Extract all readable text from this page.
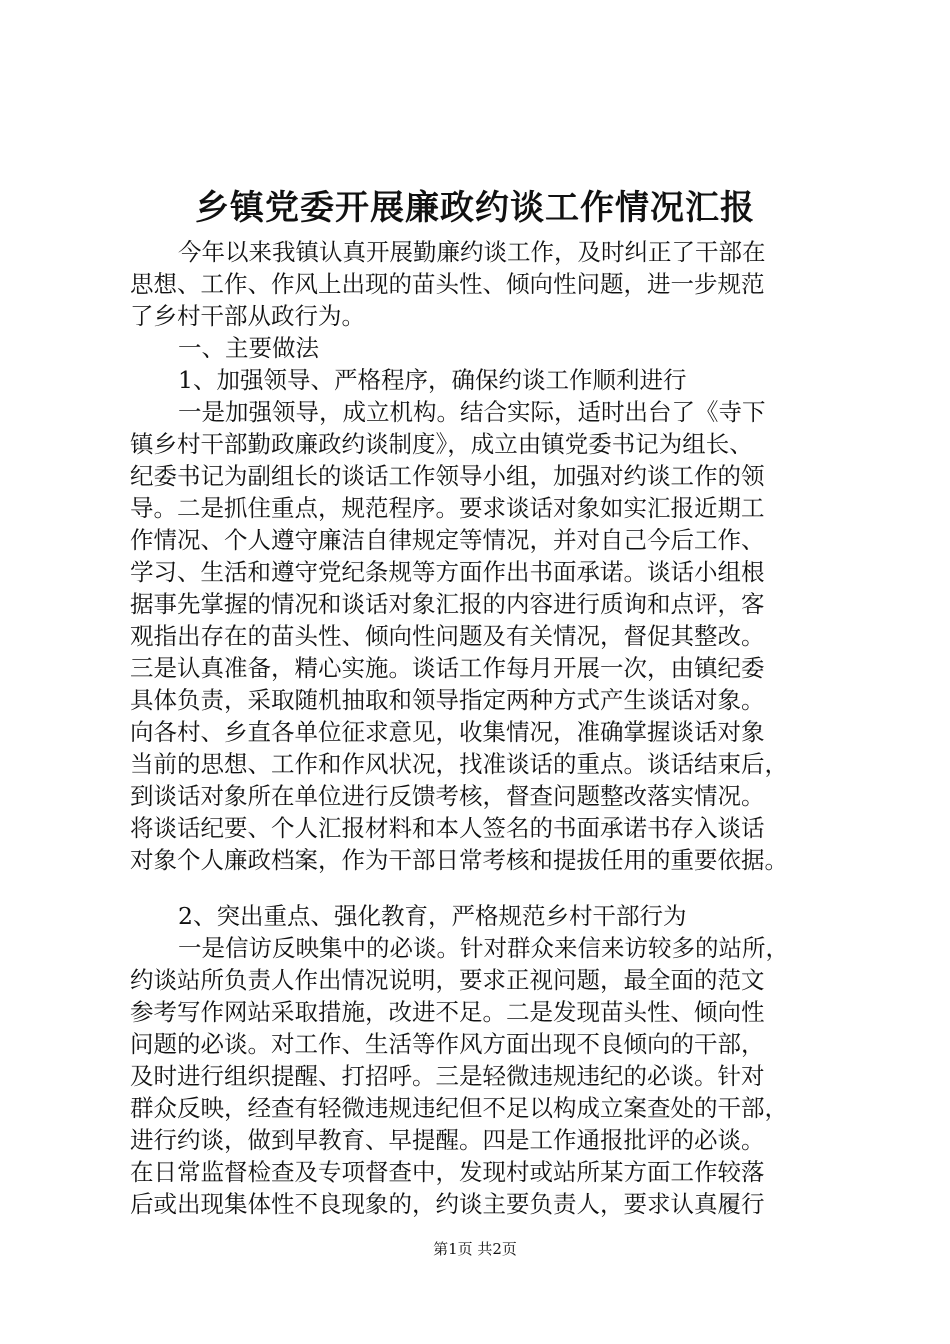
乡镇党委开展廉政约谈工作情况汇报
今年以来我镇认真开展勤廉约谈工作，及时纠正了干部在
思想、工作、作风上出现的苗头性、倾向性问题，进一步规范
了乡村干部从政行为。
一、主要做法
1、加强领导、严格程序，确保约谈工作顺利进行
一是加强领导，成立机构。结合实际，适时出台了《寺下
镇乡村干部勤政廉政约谈制度》，成立由镇党委书记为组长、
纪委书记为副组长的谈话工作领导小组，加强对约谈工作的领
导。二是抓住重点，规范程序。要求谈话对象如实汇报近期工
作情况、个人遵守廉洁自律规定等情况，并对自己今后工作、
学习、生活和遵守党纪条规等方面作出书面承诺。谈话小组根
据事先掌握的情况和谈话对象汇报的内容进行质询和点评，客
观指出存在的苗头性、倾向性问题及有关情况，督促其整改。
三是认真准备，精心实施。谈话工作每月开展一次，由镇纪委
具体负责，采取随机抽取和领导指定两种方式产生谈话对象。
向各村、乡直各单位征求意见，收集情况，准确掌握谈话对象
当前的思想、工作和作风状况，找准谈话的重点。谈话结束后，
到谈话对象所在单位进行反馈考核，督查问题整改落实情况。
将谈话纪要、个人汇报材料和本人签名的书面承诺书存入谈话
对象个人廉政档案，作为干部日常考核和提拔任用的重要依据。
2、突出重点、强化教育，严格规范乡村干部行为
一是信访反映集中的必谈。针对群众来信来访较多的站所，
约谈站所负责人作出情况说明，要求正视问题，最全面的范文
参考写作网站采取措施，改进不足。二是发现苗头性、倾向性
问题的必谈。对工作、生活等作风方面出现不良倾向的干部，
及时进行组织提醒、打招呼。三是轻微违规违纪的必谈。针对
群众反映，经查有轻微违规违纪但不足以构成立案查处的干部，
进行约谈，做到早教育、早提醒。四是工作通报批评的必谈。
在日常监督检查及专项督查中，发现村或站所某方面工作较落
后或出现集体性不良现象的，约谈主要负责人，要求认真履行
第1页 共2页
